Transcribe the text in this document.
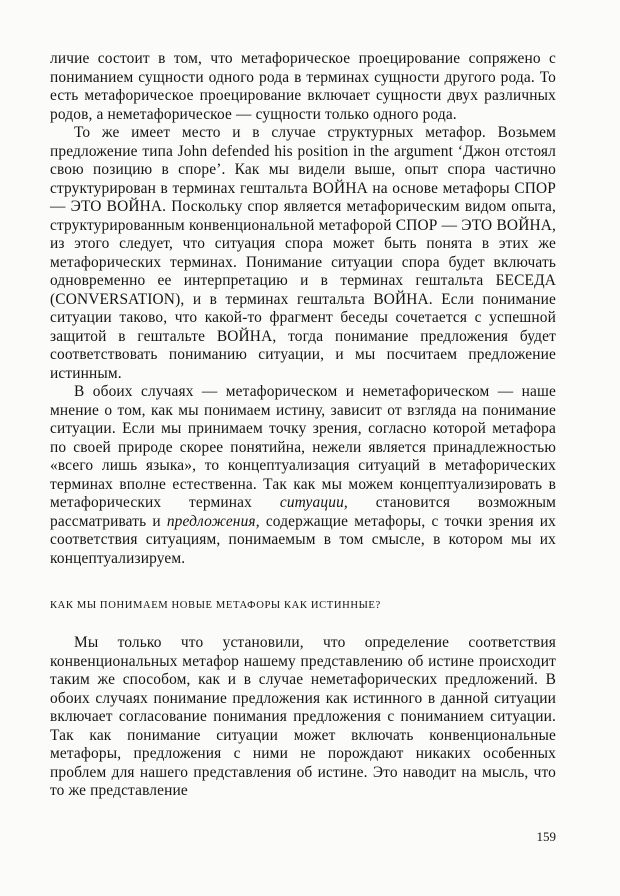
личие состоит в том, что метафорическое проецирование сопряжено с пониманием сущности одного рода в терминах сущности другого рода. То есть метафорическое проецирование включает сущности двух различных родов, а неметафорическое — сущности только одного рода.

То же имеет место и в случае структурных метафор. Возьмем предложение типа John defended his position in the argument ‘Джон отстоял свою позицию в споре’. Как мы видели выше, опыт спора частично структурирован в терминах гештальта ВОЙНА на основе метафоры СПОР — ЭТО ВОЙНА. Поскольку спор является метафорическим видом опыта, структурированным конвенциональной метафорой СПОР — ЭТО ВОЙНА, из этого следует, что ситуация спора может быть понята в этих же метафорических терминах. Понимание ситуации спора будет включать одновременно ее интерпретацию и в терминах гештальта БЕСЕДА (CONVERSATION), и в терминах гештальта ВОЙНА. Если понимание ситуации таково, что какой-то фрагмент беседы сочетается с успешной защитой в гештальте ВОЙНА, тогда понимание предложения будет соответствовать пониманию ситуации, и мы посчитаем предложение истинным.

В обоих случаях — метафорическом и неметафорическом — наше мнение о том, как мы понимаем истину, зависит от взгляда на понимание ситуации. Если мы принимаем точку зрения, согласно которой метафора по своей природе скорее понятийна, нежели является принадлежностью «всего лишь языка», то концептуализация ситуаций в метафорических терминах вполне естественна. Так как мы можем концептуализировать в метафорических терминах ситуации, становится возможным рассматривать и предложения, содержащие метафоры, с точки зрения их соответствия ситуациям, понимаемым в том смысле, в котором мы их концептуализируем.

КАК МЫ ПОНИМАЕМ НОВЫЕ МЕТАФОРЫ КАК ИСТИННЫЕ?

Мы только что установили, что определение соответствия конвенциональных метафор нашему представлению об истине происходит таким же способом, как и в случае неметафорических предложений. В обоих случаях понимание предложения как истинного в данной ситуации включает согласование понимания предложения с пониманием ситуации. Так как понимание ситуации может включать конвенциональные метафоры, предложения с ними не порождают никаких особенных проблем для нашего представления об истине. Это наводит на мысль, что то же представление

159
